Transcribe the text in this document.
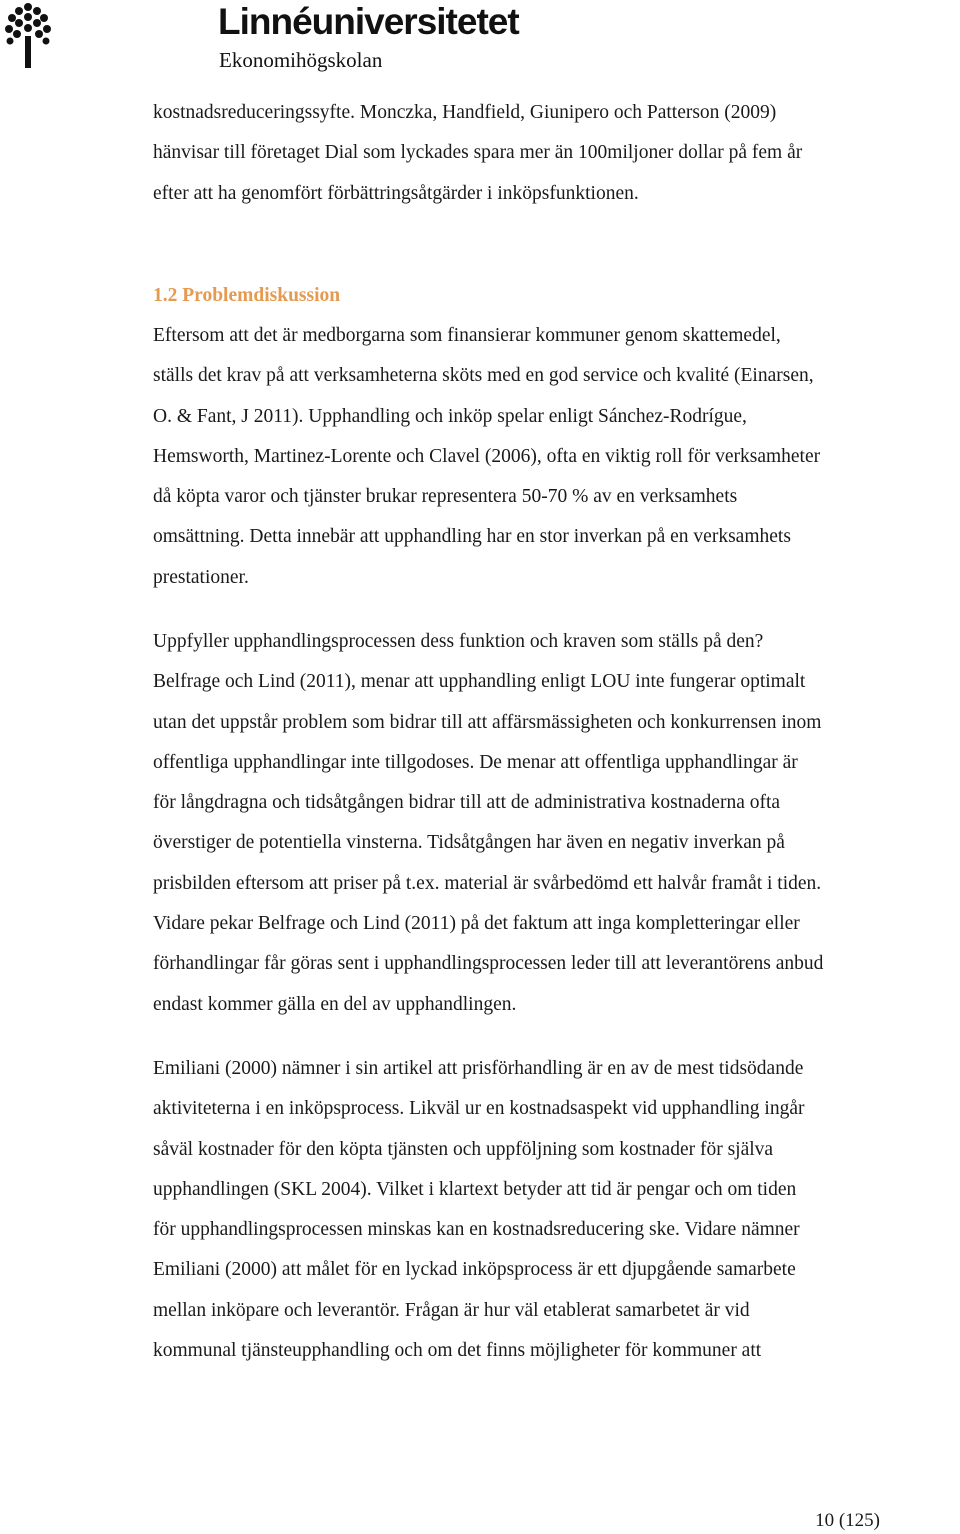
Linnéuniversitetet
Ekonomihögskolan
kostnadsreduceringssyfte. Monczka, Handfield, Giunipero och Patterson (2009)
hänvisar till företaget Dial som lyckades spara mer än 100miljoner dollar på fem år
efter att ha genomfört förbättringsåtgärder i inköpsfunktionen.
1.2 Problemdiskussion
Eftersom att det är medborgarna som finansierar kommuner genom skattemedel,
ställs det krav på att verksamheterna sköts med en god service och kvalité (Einarsen,
O. & Fant, J 2011). Upphandling och inköp spelar enligt Sánchez-Rodrígue,
Hemsworth, Martinez-Lorente och Clavel (2006), ofta en viktig roll för verksamheter
då köpta varor och tjänster brukar representera 50-70 % av en verksamhets
omsättning. Detta innebär att upphandling har en stor inverkan på en verksamhets
prestationer.
Uppfyller upphandlingsprocessen dess funktion och kraven som ställs på den?
Belfrage och Lind (2011), menar att upphandling enligt LOU inte fungerar optimalt
utan det uppstår problem som bidrar till att affärsmässigheten och konkurrensen inom
offentliga upphandlingar inte tillgodoses. De menar att offentliga upphandlingar är
för långdragna och tidsåtgången bidrar till att de administrativa kostnaderna ofta
överstiger de potentiella vinsterna. Tidsåtgången har även en negativ inverkan på
prisbilden eftersom att priser på t.ex. material är svårbedömd ett halvår framåt i tiden.
Vidare pekar Belfrage och Lind (2011) på det faktum att inga kompletteringar eller
förhandlingar får göras sent i upphandlingsprocessen leder till att leverantörens anbud
endast kommer gälla en del av upphandlingen.
Emiliani (2000) nämner i sin artikel att prisförhandling är en av de mest tidsödande
aktiviteterna i en inköpsprocess. Likväl ur en kostnadsaspekt vid upphandling ingår
såväl kostnader för den köpta tjänsten och uppföljning som kostnader för själva
upphandlingen (SKL 2004). Vilket i klartext betyder att tid är pengar och om tiden
för upphandlingsprocessen minskas kan en kostnadsreducering ske. Vidare nämner
Emiliani (2000) att målet för en lyckad inköpsprocess är ett djupgående samarbete
mellan inköpare och leverantör. Frågan är hur väl etablerat samarbetet är vid
kommunal tjänsteupphandling och om det finns möjligheter för kommuner att
10 (125)
